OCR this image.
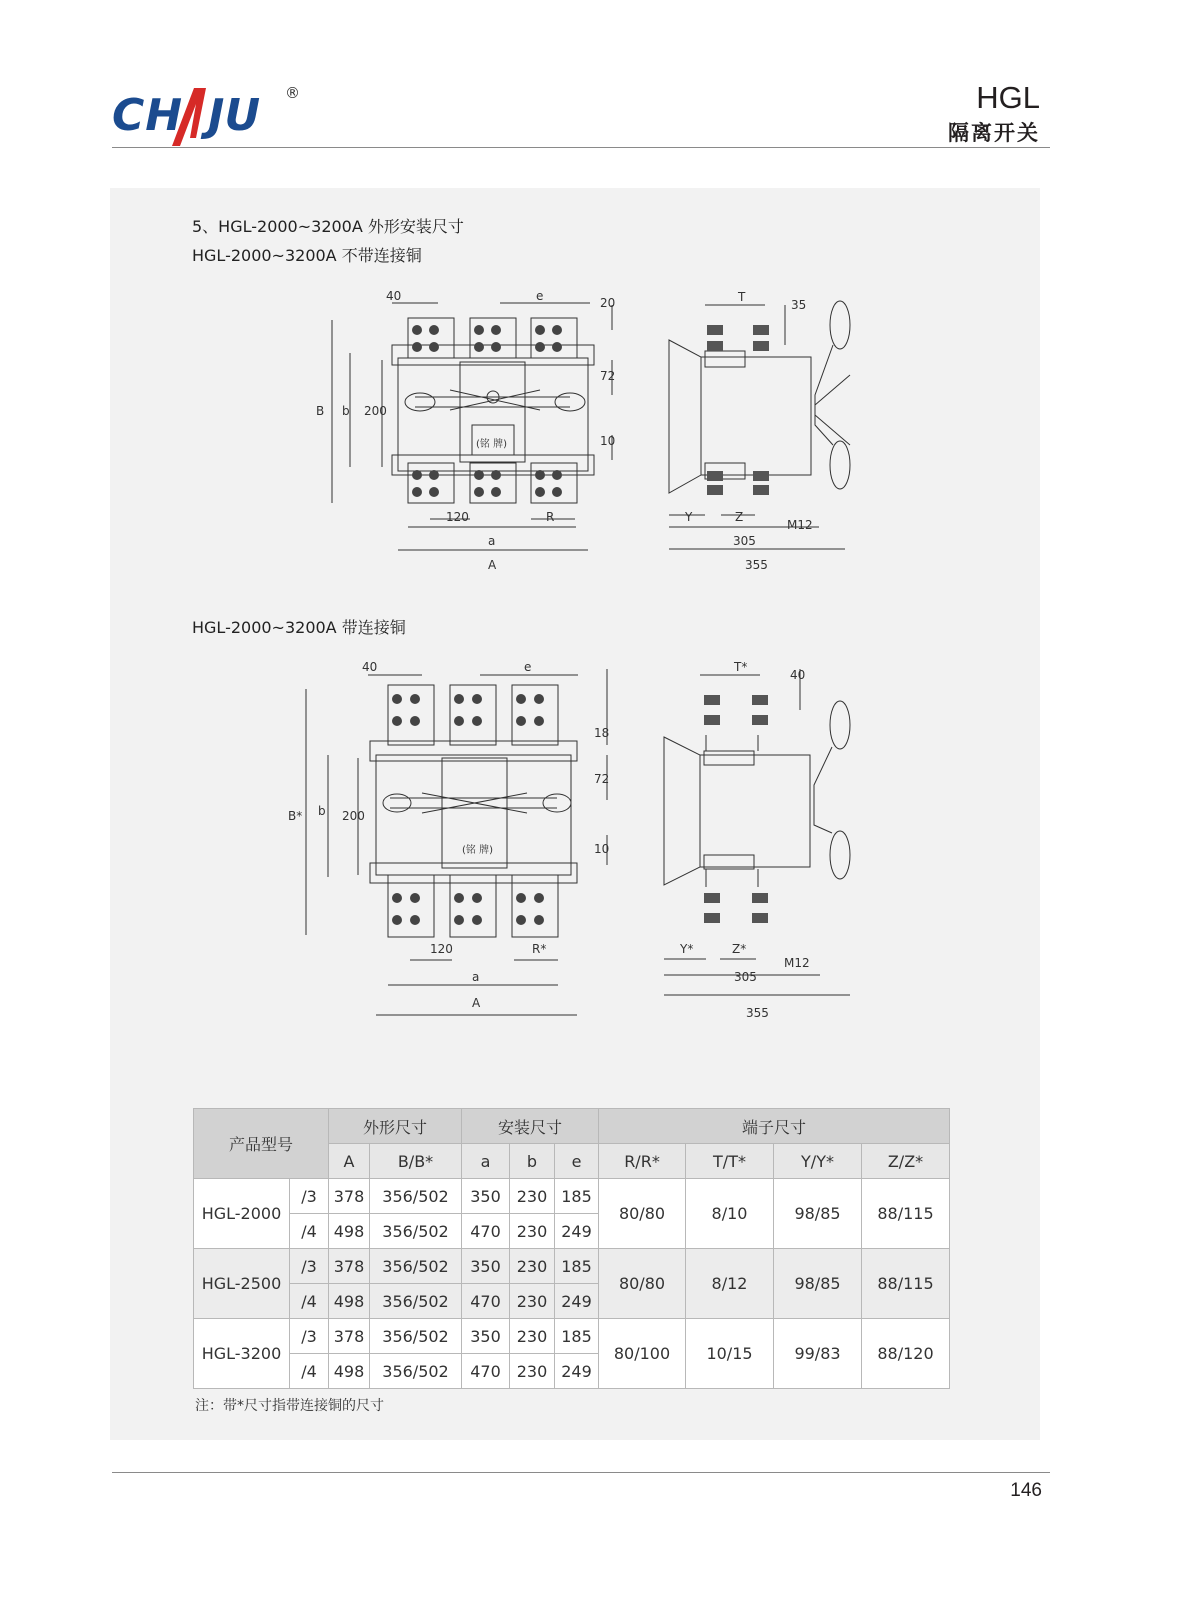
CH JU ®	HGL
隔离开关
5、HGL-2000~3200A 外形安装尺寸
HGL-2000~3200A 不带连接铜
40	e	20
72
10
B b 200
120	R
a
A
(铭 牌)
T
35
Y	Z
M12
305
355
HGL-2000~3200A 带连接铜
40	e
18
72
10
B* b 200
120	R*
a
A
(铭 牌)
T*
40
Y*	Z*
M12
305
355
产品型号		外形尺寸		安装尺寸			端子尺寸			
		A	B/B*	a	b	e	R/R*	T/T*	Y/Y*	Z/Z*
HGL-2000	/3	378	356/502	350	230	185	80/80	8/10	98/85	88/115
	/4	498	356/502	470	230	249				
HGL-2500	/3	378	356/502	350	230	185	80/80	8/12	98/85	88/115
	/4	498	356/502	470	230	249				
HGL-3200	/3	378	356/502	350	230	185	80/100	10/15	99/83	88/120
	/4	498	356/502	470	230	249				
注：带*尺寸指带连接铜的尺寸
146
